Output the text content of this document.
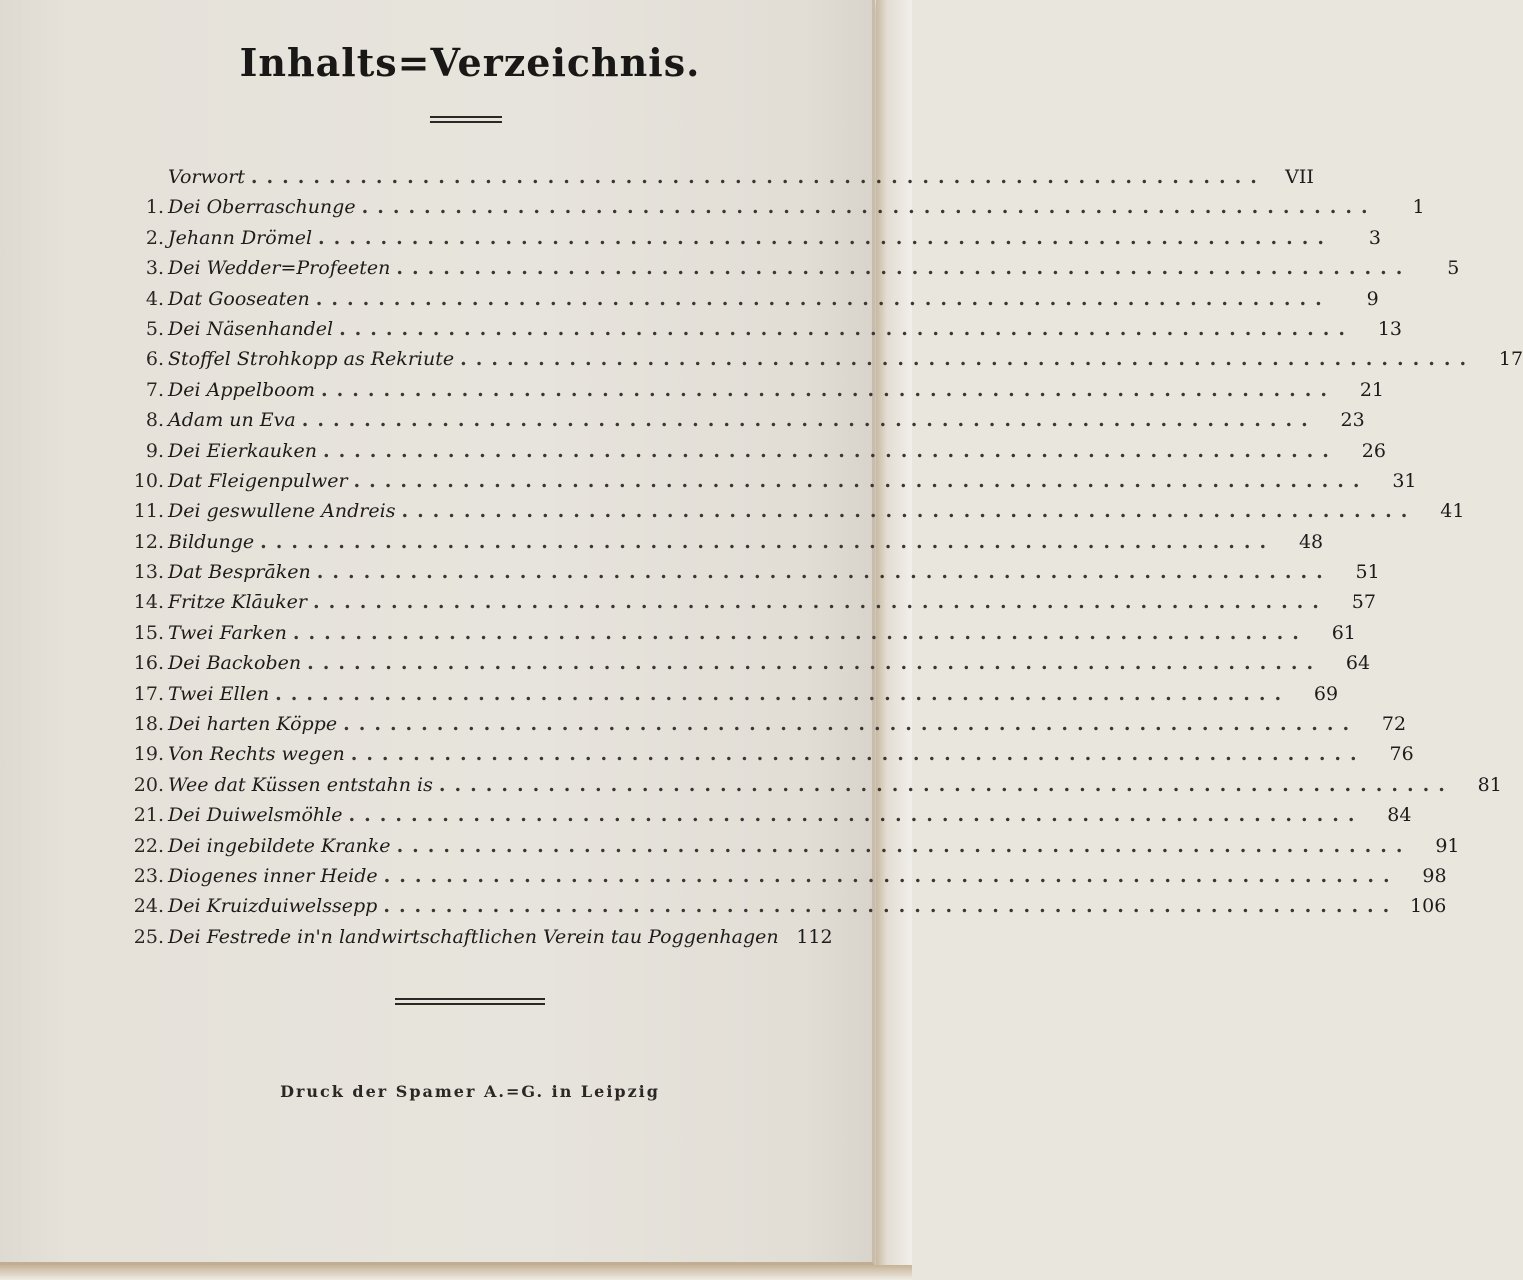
Inhalts=Verzeichnis.
Vorwort .................................................................	VII
1. Dei Oberraschunge .................................................................	1
2. Jehann Drömel .................................................................	3
3. Dei Wedder=Profeeten .................................................................	5
4. Dat Gooseaten .................................................................	9
5. Dei Näsenhandel .................................................................	13
6. Stoffel Strohkopp as Rekriute .................................................................	17
7. Dei Appelboom .................................................................	21
8. Adam un Eva .................................................................	23
9. Dei Eierkauken .................................................................	26
10. Dat Fleigenpulwer .................................................................	31
11. Dei geswullene Andreis .................................................................	41
12. Bildunge .................................................................	48
13. Dat Besprāken .................................................................	51
14. Fritze Klāuker .................................................................	57
15. Twei Farken .................................................................	61
16. Dei Backoben .................................................................	64
17. Twei Ellen .................................................................	69
18. Dei harten Köppe .................................................................	72
19. Von Rechts wegen .................................................................	76
20. Wee dat Küssen entstahn is .................................................................	81
21. Dei Duiwelsmöhle .................................................................	84
22. Dei ingebildete Kranke .................................................................	91
23. Diogenes inner Heide .................................................................	98
24. Dei Kruizduiwelssepp ................................................................. 106
25. Dei Festrede in'n landwirtschaftlichen Verein tau Poggenhagen 112
Druck der Spamer A.=G. in Leipzig
